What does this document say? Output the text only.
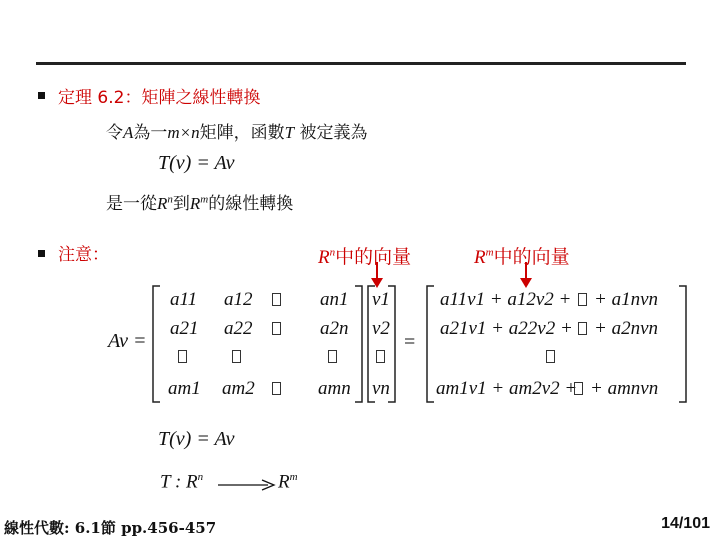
定理 6.2：矩陣之線性轉換
令A為一m×n矩陣，函數T 被定義為
T(v) = Av
是一從$R^n$到$R^m$的線性轉換
注意：	$R^n$中的向量	$R^m$中的向量
Av =
a11 a12	an1
a21 a22	a2n
am1 am2	amn
v1
v2
vn
=
a11v1 + a12v2 + + a1nvn
a21v1 + a22v2 + + a2nvn
am1v1 + am2v2 + + amnvn
T(v) = Av
T : $R^n$	$R^m$
線性代數: 6.1節 pp.456-457	14/101
